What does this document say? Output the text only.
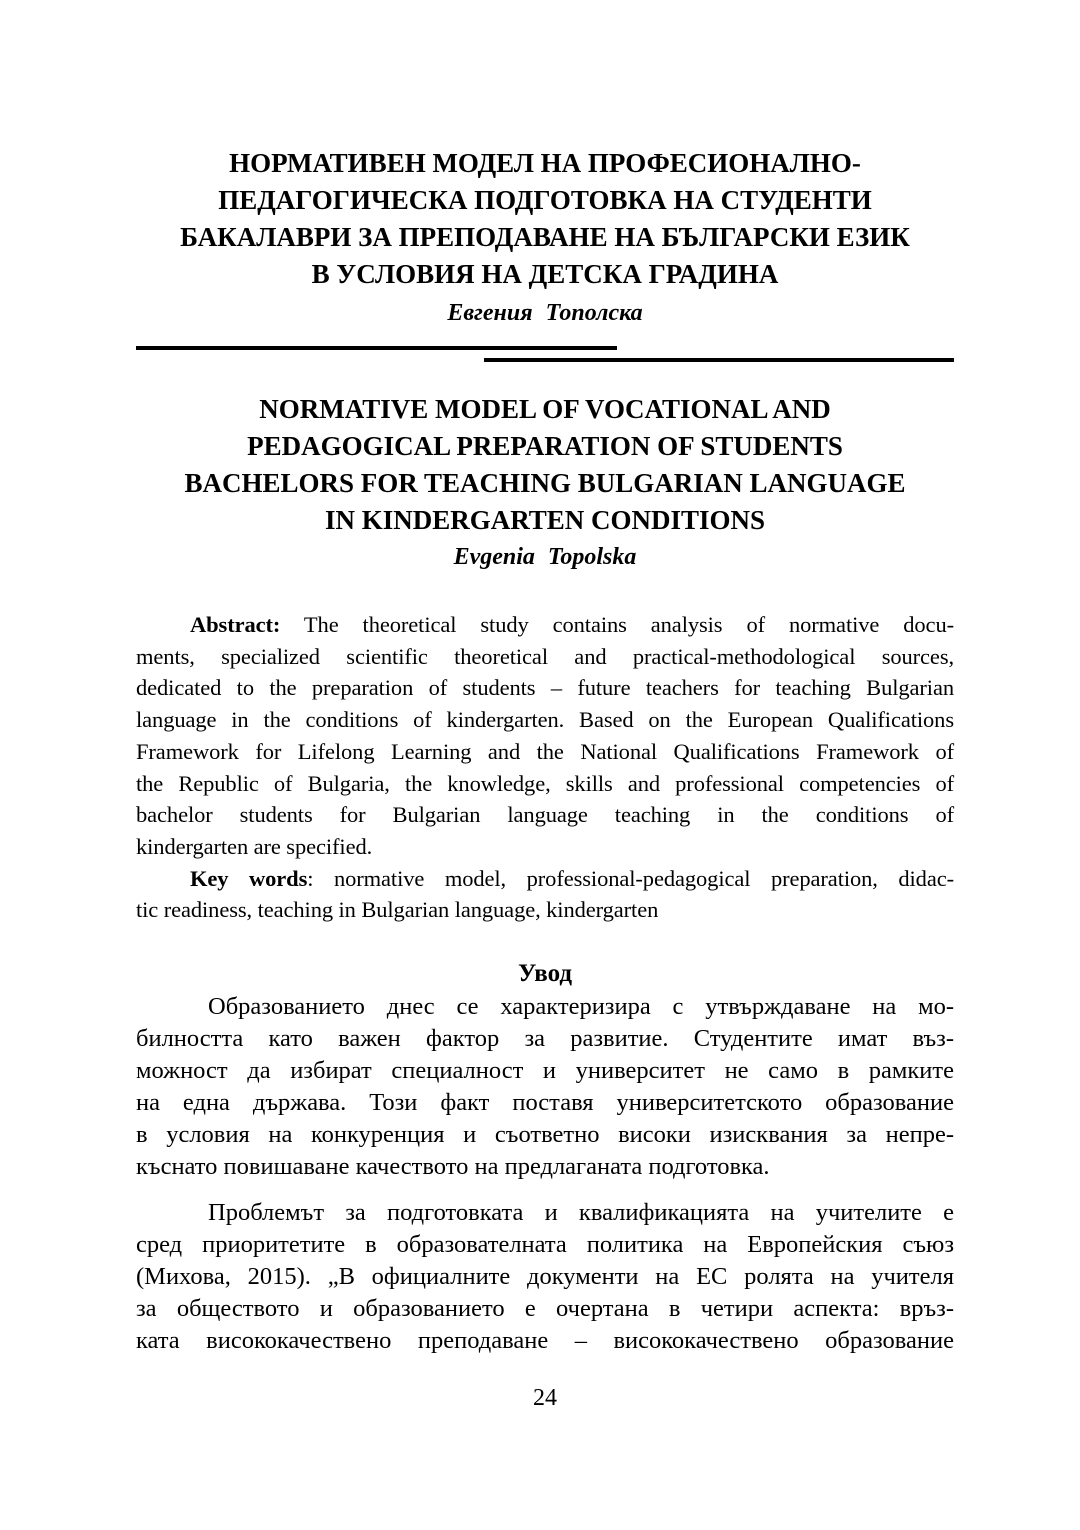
НОРМАТИВЕН МОДЕЛ НА ПРОФЕСИОНАЛНО-
ПЕДАГОГИЧЕСКА ПОДГОТОВКА НА СТУДЕНТИ
БАКАЛАВРИ ЗА ПРЕПОДАВАНЕ НА БЪЛГАРСКИ ЕЗИК
В УСЛОВИЯ НА ДЕТСКА ГРАДИНА
Евгения Тополска
NORMATIVE MODEL OF VOCATIONAL AND
PEDAGOGICAL PREPARATION OF STUDENTS
BACHELORS FOR TEACHING BULGARIAN LANGUAGE
IN KINDERGARTEN CONDITIONS
Evgenia Topolska
Abstract: The theoretical study contains analysis of normative docu-
ments, specialized scientific theoretical and practical-methodological sources,
dedicated to the preparation of students – future teachers for teaching Bulgarian
language in the conditions of kindergarten. Based on the European Qualifications
Framework for Lifelong Learning and the National Qualifications Framework of
the Republic of Bulgaria, the knowledge, skills and professional competencies of
bachelor students for Bulgarian language teaching in the conditions of
kindergarten are specified.
Key words: normative model, professional-pedagogical preparation, didac-
tic readiness, teaching in Bulgarian language, kindergarten
Увод
Образованието днес се характеризира с утвърждаване на мо-
билността като важен фактор за развитие. Студентите имат въз-
можност да избират специалност и университет не само в рамките
на една държава. Този факт поставя университетското образование
в условия на конкуренция и съответно високи изисквания за непре-
къснато повишаване качеството на предлаганата подготовка.
Проблемът за подготовката и квалификацията на учителите е
сред приоритетите в образователната политика на Европейския съюз
(Михова, 2015). „В официалните документи на ЕС ролята на учителя
за обществото и образованието е очертана в четири аспекта: връз-
ката висококачествено преподаване – висококачествено образование
24
